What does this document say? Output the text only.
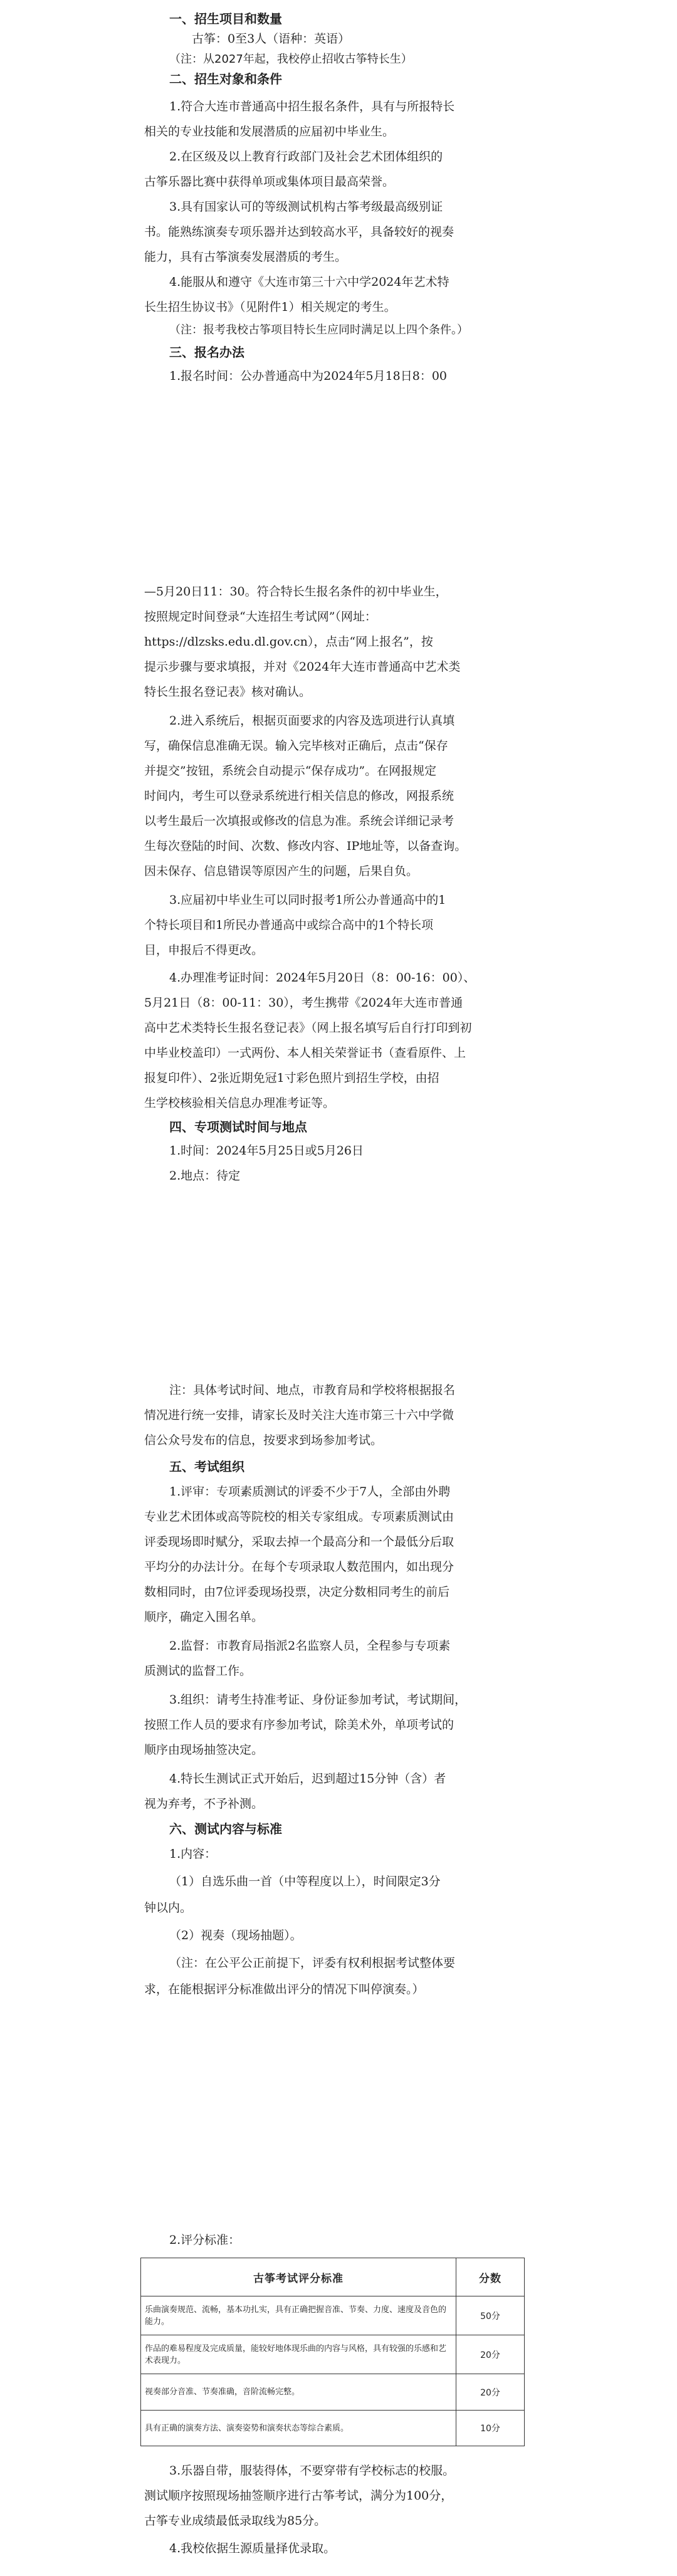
一、招生项目和数量
古筝：0至3人（语种：英语）
（注：从2027年起，我校停止招收古筝特长生）
二、招生对象和条件
1.符合大连市普通高中招生报名条件，具有与所报特长
相关的专业技能和发展潜质的应届初中毕业生。
2.在区级及以上教育行政部门及社会艺术团体组织的
古筝乐器比赛中获得单项或集体项目最高荣誉。
3.具有国家认可的等级测试机构古筝考级最高级别证
书。能熟练演奏专项乐器并达到较高水平，具备较好的视奏
能力，具有古筝演奏发展潜质的考生。
4.能服从和遵守《大连市第三十六中学2024年艺术特
长生招生协议书》（见附件1）相关规定的考生。
（注：报考我校古筝项目特长生应同时满足以上四个条件。）
三、报名办法
1.报名时间：公办普通高中为2024年5月18日8：00
—5月20日11：30。符合特长生报名条件的初中毕业生，
按照规定时间登录“大连招生考试网”（网址：
https://dlzsks.edu.dl.gov.cn），点击“网上报名”，按
提示步骤与要求填报，并对《2024年大连市普通高中艺术类
特长生报名登记表》核对确认。
2.进入系统后，根据页面要求的内容及选项进行认真填
写，确保信息准确无误。输入完毕核对正确后，点击“保存
并提交”按钮，系统会自动提示“保存成功”。在网报规定
时间内，考生可以登录系统进行相关信息的修改，网报系统
以考生最后一次填报或修改的信息为准。系统会详细记录考
生每次登陆的时间、次数、修改内容、IP地址等，以备查询。
因未保存、信息错误等原因产生的问题，后果自负。
3.应届初中毕业生可以同时报考1所公办普通高中的1
个特长项目和1所民办普通高中或综合高中的1个特长项
目，申报后不得更改。
4.办理准考证时间：2024年5月20日（8：00-16：00）、
5月21日（8：00-11：30），考生携带《2024年大连市普通
高中艺术类特长生报名登记表》（网上报名填写后自行打印到初
中毕业校盖印）一式两份、本人相关荣誉证书（查看原件、上
报复印件）、2张近期免冠1寸彩色照片到招生学校，由招
生学校核验相关信息办理准考证等。
四、专项测试时间与地点
1.时间：2024年5月25日或5月26日
2.地点：待定
注：具体考试时间、地点，市教育局和学校将根据报名
情况进行统一安排，请家长及时关注大连市第三十六中学微
信公众号发布的信息，按要求到场参加考试。
五、考试组织
1.评审：专项素质测试的评委不少于7人，全部由外聘
专业艺术团体或高等院校的相关专家组成。专项素质测试由
评委现场即时赋分，采取去掉一个最高分和一个最低分后取
平均分的办法计分。在每个专项录取人数范围内，如出现分
数相同时，由7位评委现场投票，决定分数相同考生的前后
顺序，确定入围名单。
2.监督：市教育局指派2名监察人员，全程参与专项素
质测试的监督工作。
3.组织：请考生持准考证、身份证参加考试，考试期间，
按照工作人员的要求有序参加考试，除美术外，单项考试的
顺序由现场抽签决定。
4.特长生测试正式开始后，迟到超过15分钟（含）者
视为弃考，不予补测。
六、测试内容与标准
1.内容：
（1）自选乐曲一首（中等程度以上），时间限定3分
钟以内。
（2）视奏（现场抽题）。
（注：在公平公正前提下，评委有权利根据考试整体要
求，在能根据评分标准做出评分的情况下叫停演奏。）
2.评分标准：
3.乐器自带，服装得体，不要穿带有学校标志的校服。
测试顺序按照现场抽签顺序进行古筝考试，满分为100分，
古筝专业成绩最低录取线为85分。
4.我校依据生源质量择优录取。
古筝考试评分标准	分数
乐曲演奏规范、流畅，基本功扎实，具有正确把握音准、节奏、力度、速度及音色的能力。	50分
作品的难易程度及完成质量，能较好地体现乐曲的内容与风格，具有较强的乐感和艺术表现力。	20分
视奏部分音准、节奏准确，音阶流畅完整。	20分
具有正确的演奏方法、演奏姿势和演奏状态等综合素质。	10分
